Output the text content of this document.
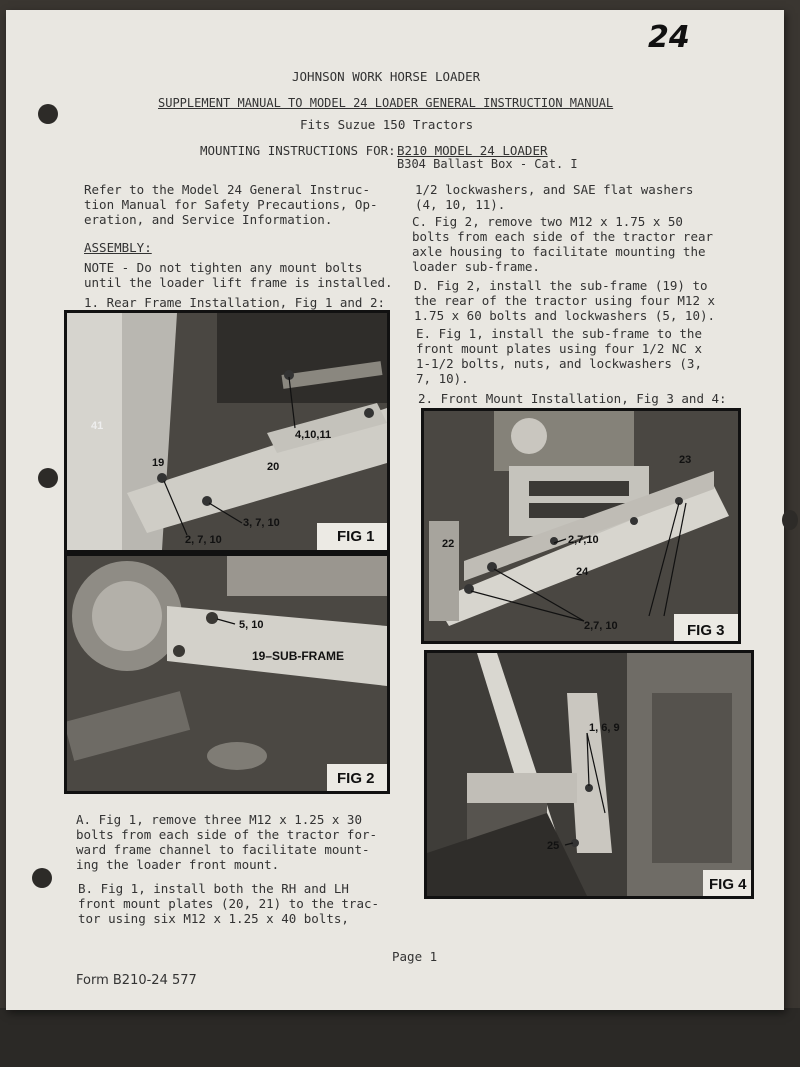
24
JOHNSON WORK HORSE LOADER
SUPPLEMENT MANUAL TO MODEL 24 LOADER GENERAL INSTRUCTION MANUAL
Fits Suzue 150 Tractors
MOUNTING INSTRUCTIONS FOR: B210 MODEL 24 LOADER
B304 Ballast Box - Cat. I
Refer to the Model 24 General Instruc-
tion Manual for Safety Precautions, Op-
eration, and Service Information.
ASSEMBLY:
NOTE - Do not tighten any mount bolts
until the loader lift frame is installed.
1. Rear Frame Installation, Fig 1 and 2:
1/2 lockwashers, and SAE flat washers
(4, 10, 11).
C. Fig 2, remove two M12 x 1.75 x 50
bolts from each side of the tractor rear
axle housing to facilitate mounting the
loader sub-frame.
D. Fig 2, install the sub-frame (19) to
the rear of the tractor using four M12 x
1.75 x 60 bolts and lockwashers (5, 10).
E. Fig 1, install the sub-frame to the
front mount plates using four 1/2 NC x
1-1/2 bolts, nuts, and lockwashers (3,
7, 10).
2. Front Mount Installation, Fig 3 and 4:
41
19	20
4,10,11
3, 7, 10
2, 7, 10	FIG 1
5, 10
19–SUB-FRAME
FIG 2
A. Fig 1, remove three M12 x 1.25 x 30
bolts from each side of the tractor for-
ward frame channel to facilitate mount-
ing the loader front mount.
B. Fig 1, install both the RH and LH
front mount plates (20, 21) to the trac-
tor using six M12 x 1.25 x 40 bolts,
23
22	2,7,10
24
2,7, 10	FIG 3
1, 6, 9
25
FIG 4
Page 1
Form B210-24 577
